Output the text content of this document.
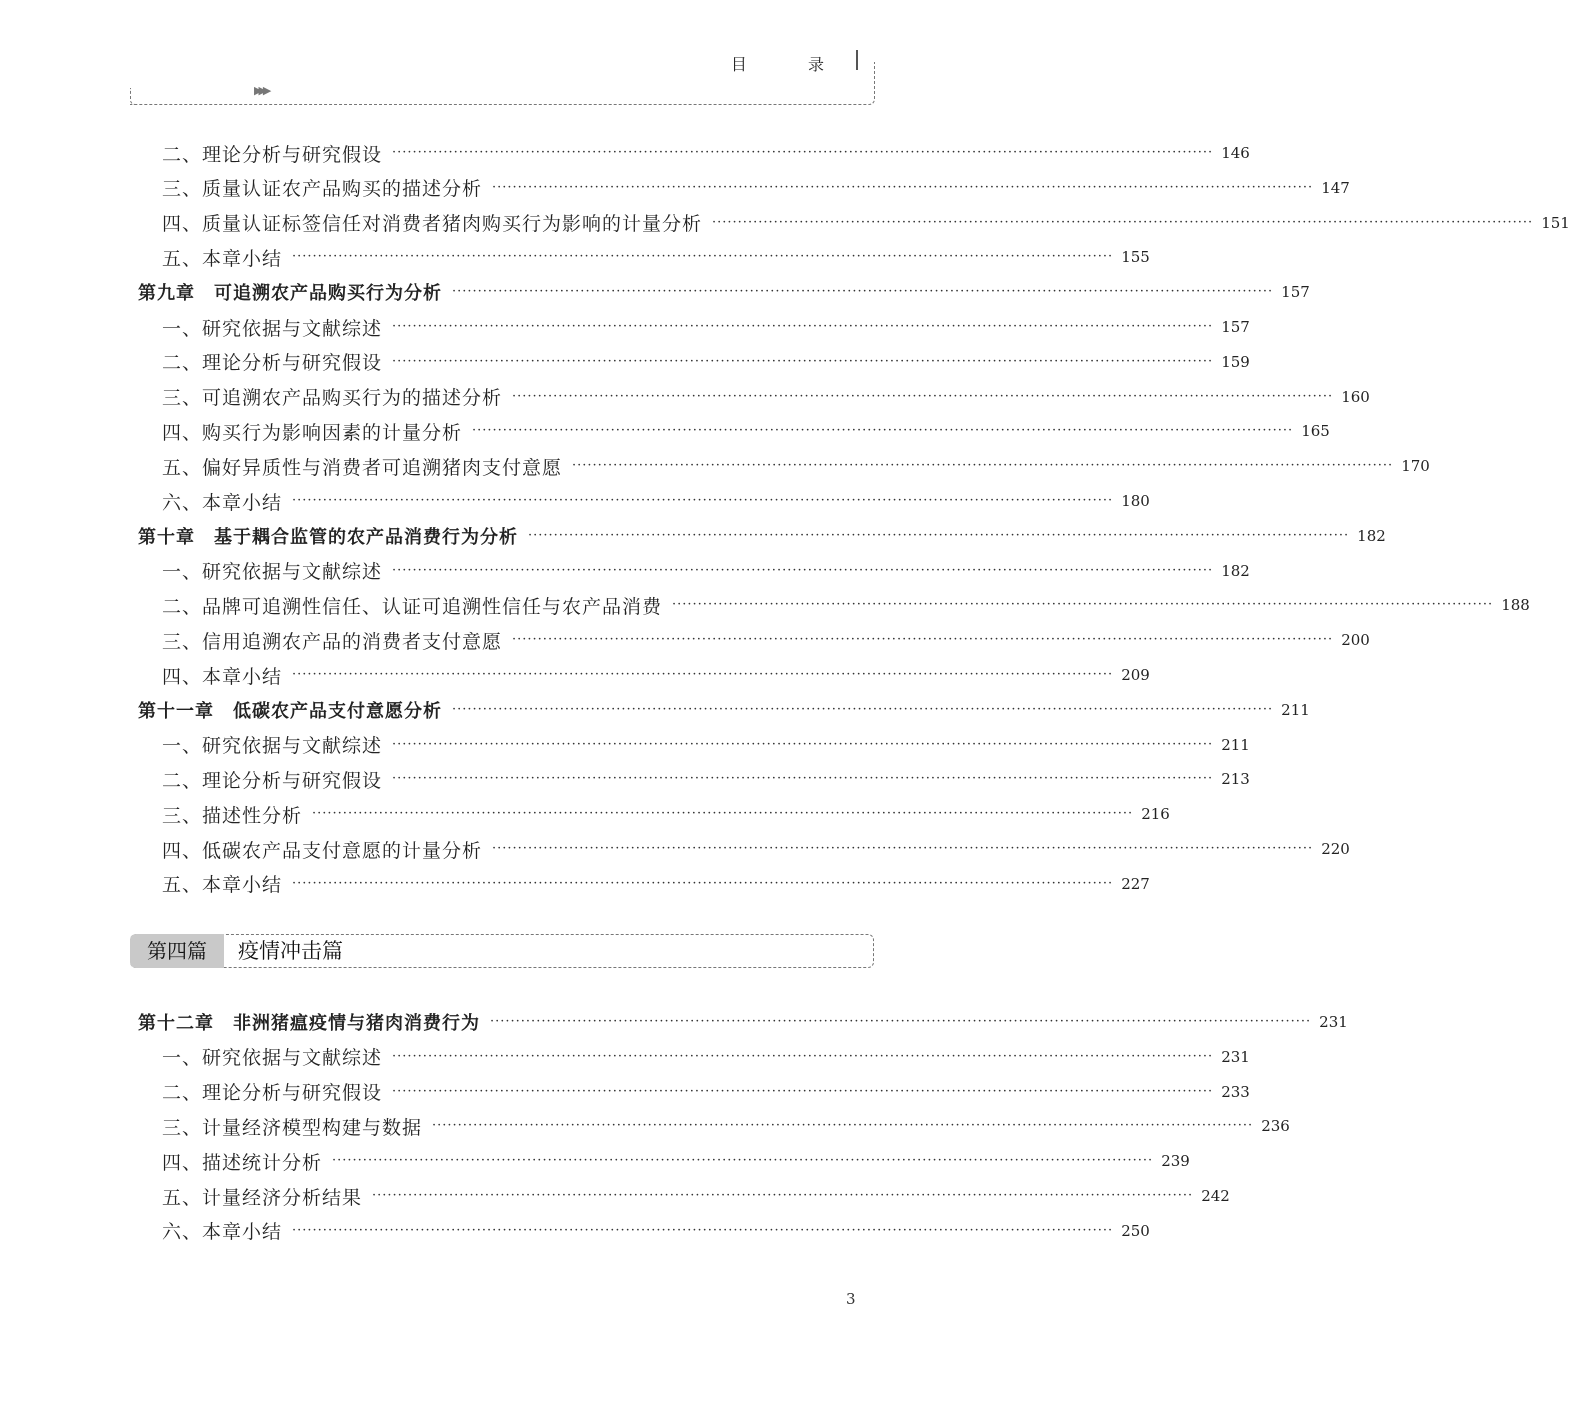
目 录
▶▶▶
二、理论分析与研究假设 ································································································································································ 146
三、质量认证农产品购买的描述分析 ································································································································································ 147
四、质量认证标签信任对消费者猪肉购买行为影响的计量分析 ································································································································································ 151
五、本章小结 ································································································································································ 155
第九章　可追溯农产品购买行为分析 ································································································································································ 157
一、研究依据与文献综述 ································································································································································ 157
二、理论分析与研究假设 ································································································································································ 159
三、可追溯农产品购买行为的描述分析 ································································································································································ 160
四、购买行为影响因素的计量分析 ································································································································································ 165
五、偏好异质性与消费者可追溯猪肉支付意愿 ································································································································································ 170
六、本章小结 ································································································································································ 180
第十章　基于耦合监管的农产品消费行为分析 ································································································································································ 182
一、研究依据与文献综述 ································································································································································ 182
二、品牌可追溯性信任、认证可追溯性信任与农产品消费 ································································································································································ 188
三、信用追溯农产品的消费者支付意愿 ································································································································································ 200
四、本章小结 ································································································································································ 209
第十一章　低碳农产品支付意愿分析 ································································································································································ 211
一、研究依据与文献综述 ································································································································································ 211
二、理论分析与研究假设 ································································································································································ 213
三、描述性分析 ································································································································································ 216
四、低碳农产品支付意愿的计量分析 ································································································································································ 220
五、本章小结 ································································································································································ 227
第十二章　非洲猪瘟疫情与猪肉消费行为 ································································································································································ 231
一、研究依据与文献综述 ································································································································································ 231
二、理论分析与研究假设 ································································································································································ 233
三、计量经济模型构建与数据 ································································································································································ 236
四、描述统计分析 ································································································································································ 239
五、计量经济分析结果 ································································································································································ 242
六、本章小结 ································································································································································ 250
第四篇	疫情冲击篇
3
